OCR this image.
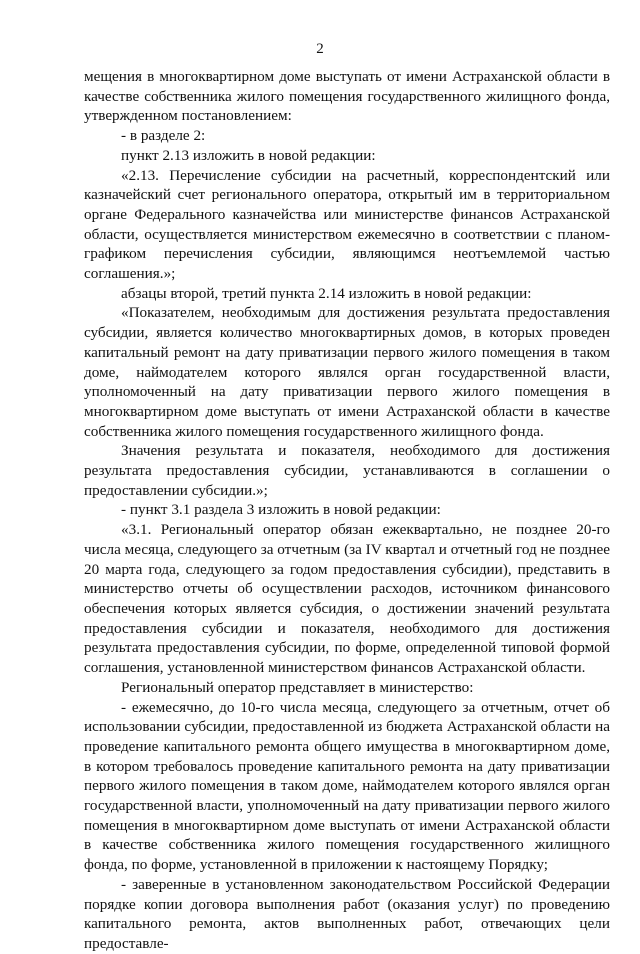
2

мещения в многоквартирном доме выступать от имени Астраханской области в качестве собственника жилого помещения государственного жилищного фонда, утвержденном постановлением:

- в разделе 2:

пункт 2.13 изложить в новой редакции:

«2.13. Перечисление субсидии на расчетный, корреспондентский или казначейский счет регионального оператора, открытый им в территориальном органе Федерального казначейства или министерстве финансов Астраханской области, осуществляется министерством ежемесячно в соответствии с планом-графиком перечисления субсидии, являющимся неотъемлемой частью соглашения.»;

абзацы второй, третий пункта 2.14 изложить в новой редакции:

«Показателем, необходимым для достижения результата предоставления субсидии, является количество многоквартирных домов, в которых проведен капитальный ремонт на дату приватизации первого жилого помещения в таком доме, наймодателем которого являлся орган государственной власти, уполномоченный на дату приватизации первого жилого помещения в многоквартирном доме выступать от имени Астраханской области в качестве собственника жилого помещения государственного жилищного фонда.

Значения результата и показателя, необходимого для достижения результата предоставления субсидии, устанавливаются в соглашении о предоставлении субсидии.»;

- пункт 3.1 раздела 3 изложить в новой редакции:

«3.1. Региональный оператор обязан ежеквартально, не позднее 20-го числа месяца, следующего за отчетным (за IV квартал и отчетный год не позднее 20 марта года, следующего за годом предоставления субсидии), представить в министерство отчеты об осуществлении расходов, источником финансового обеспечения которых является субсидия, о достижении значений результата предоставления субсидии и показателя, необходимого для достижения результата предоставления субсидии, по форме, определенной типовой формой соглашения, установленной министерством финансов Астраханской области.

Региональный оператор представляет в министерство:

- ежемесячно, до 10-го числа месяца, следующего за отчетным, отчет об использовании субсидии, предоставленной из бюджета Астраханской области на проведение капитального ремонта общего имущества в многоквартирном доме, в котором требовалось проведение капитального ремонта на дату приватизации первого жилого помещения в таком доме, наймодателем которого являлся орган государственной власти, уполномоченный на дату приватизации первого жилого помещения в многоквартирном доме выступать от имени Астраханской области в качестве собственника жилого помещения государственного жилищного фонда, по форме, установленной в приложении к настоящему Порядку;

- заверенные в установленном законодательством Российской Федерации порядке копии договора выполнения работ (оказания услуг) по проведению капитального ремонта, актов выполненных работ, отвечающих цели предоставле-
